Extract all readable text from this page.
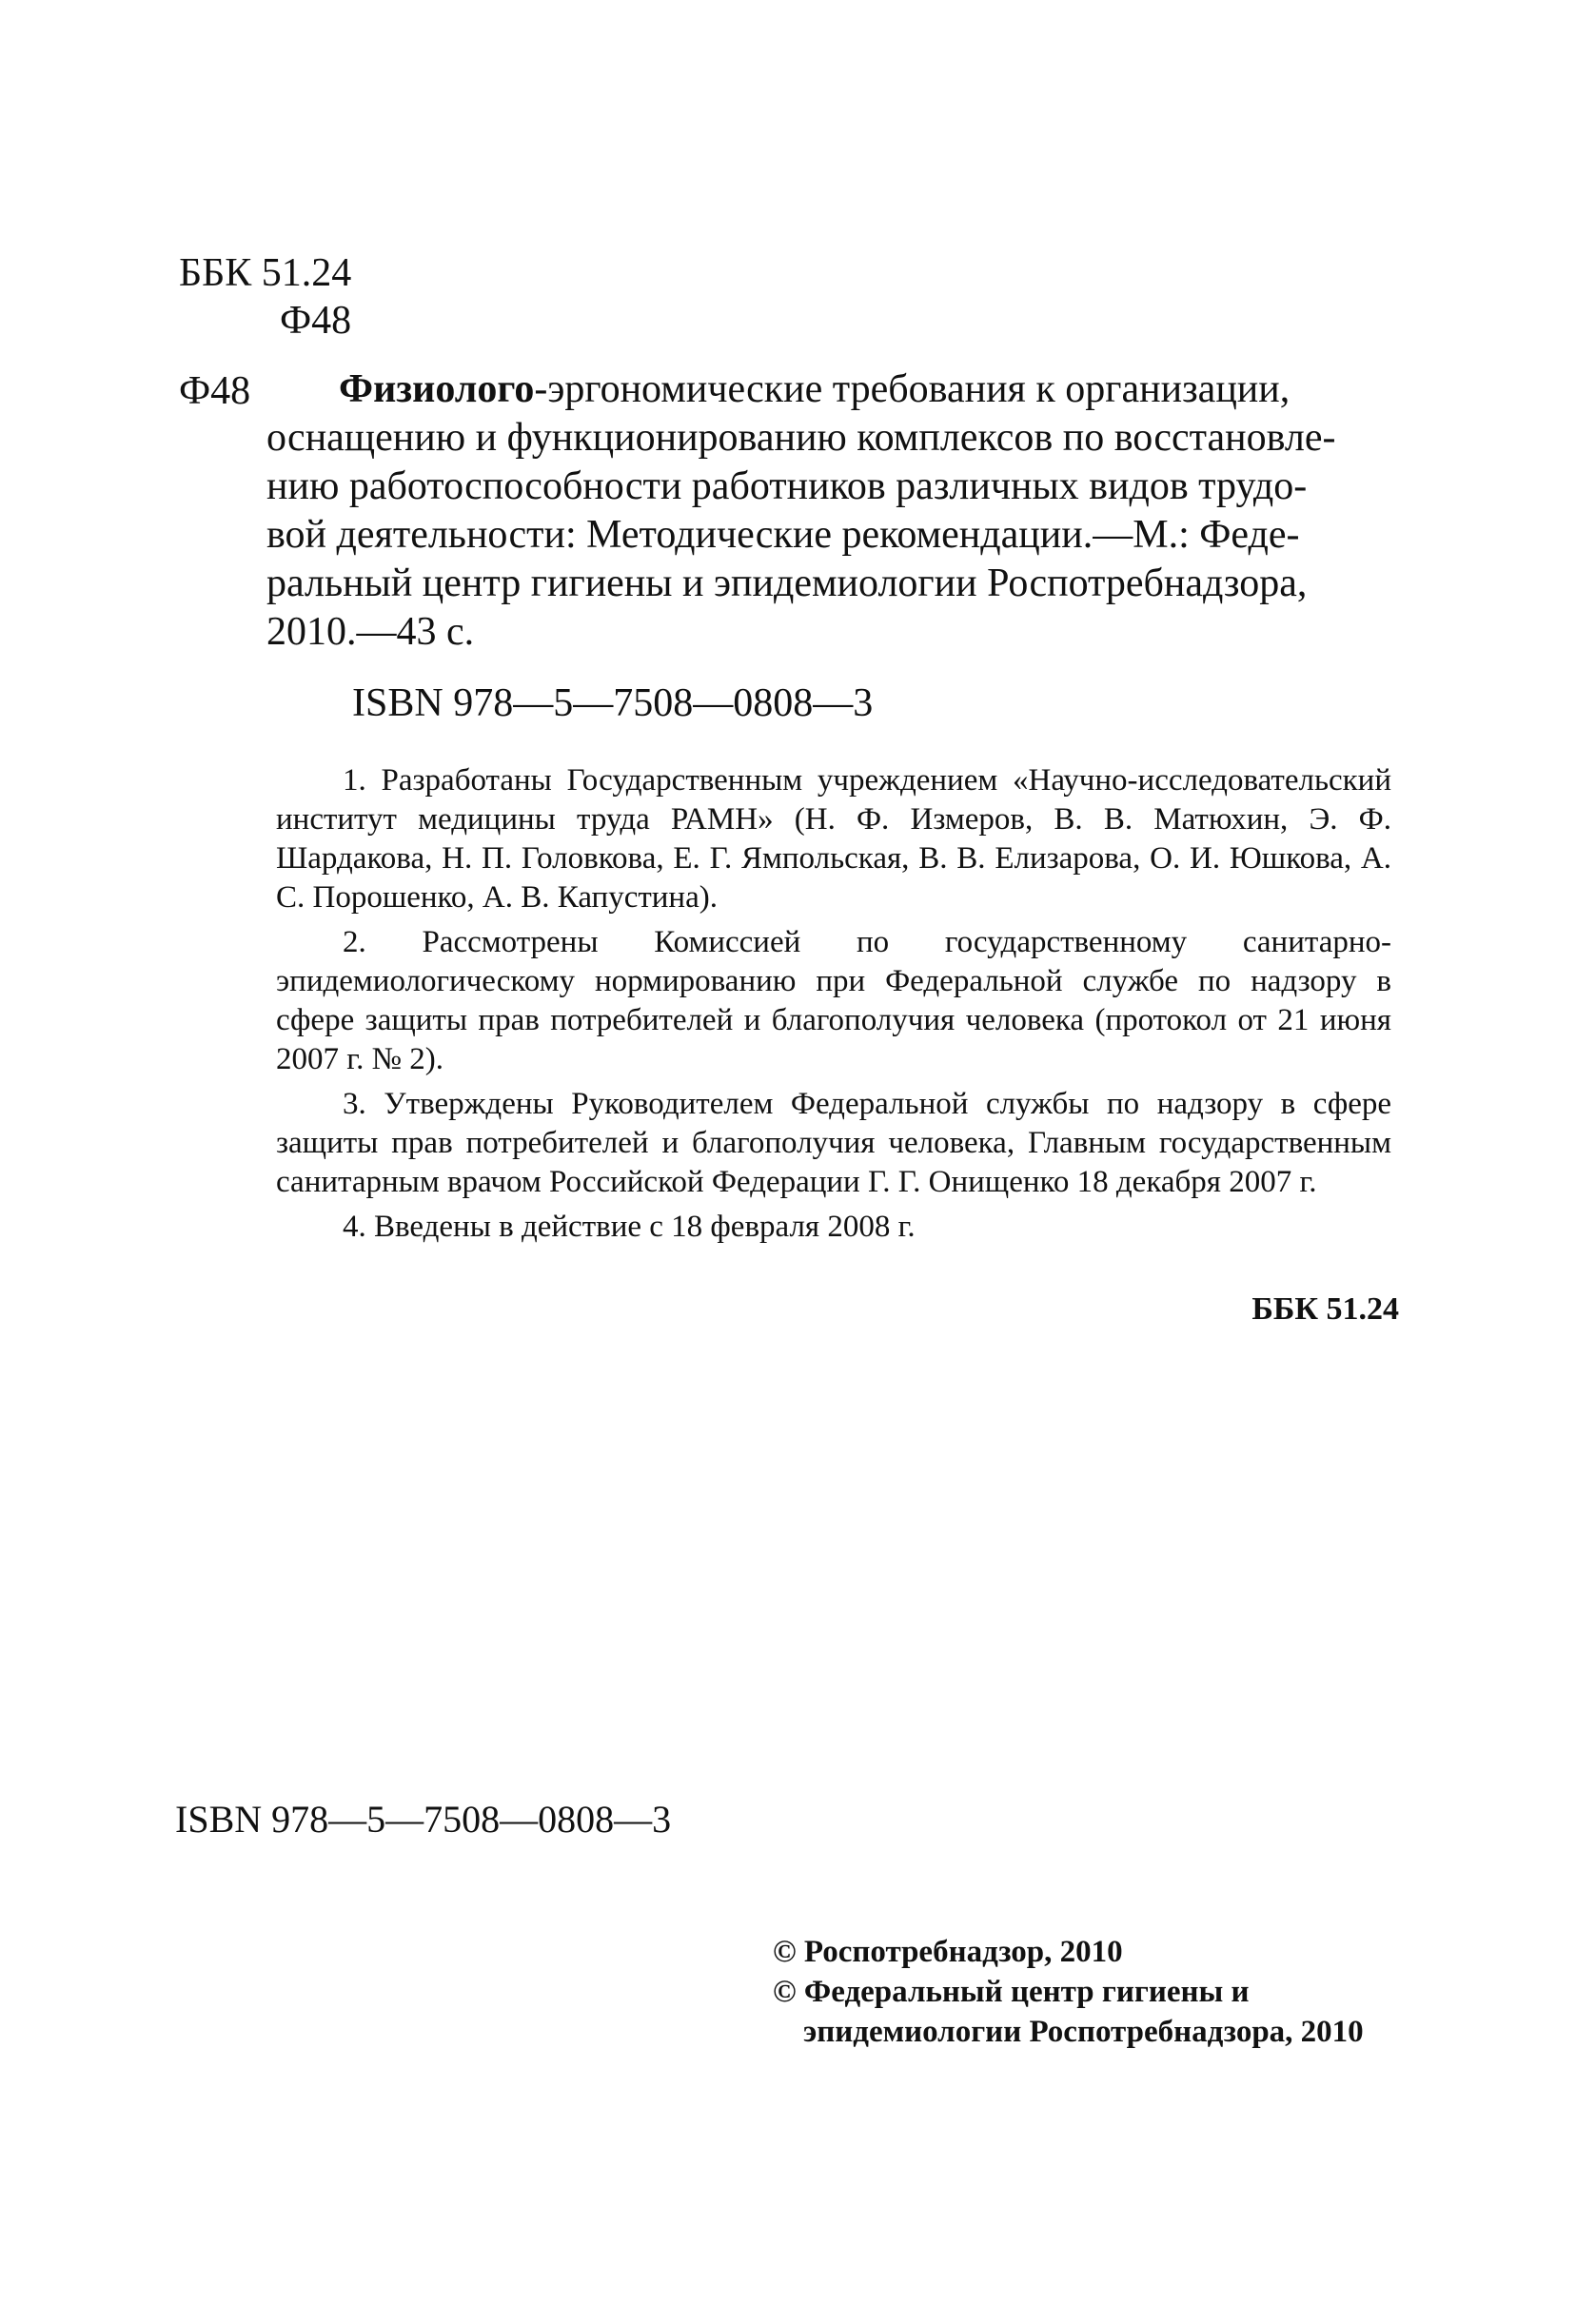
ББК 51.24
Ф48
Ф48 Физиолого-эргономические требования к организации,
оснащению и функционированию комплексов по восстановле-
нию работоспособности работников различных видов трудо-
вой деятельности: Методические рекомендации.—М.: Феде-
ральный центр гигиены и эпидемиологии Роспотребнадзора,
2010.—43 с.
ISBN 978—5—7508—0808—3

1. Разработаны Государственным учреждением «Научно-исследовательский институт медицины труда РАМН» (Н. Ф. Измеров, В. В. Матюхин, Э. Ф. Шардакова, Н. П. Головкова, Е. Г. Ямпольская, В. В. Елизарова, О. И. Юшкова, А. С. Порошенко, А. В. Капустина).

2. Рассмотрены Комиссией по государственному санитарно-эпидемиологическому нормированию при Федеральной службе по надзору в сфере защиты прав потребителей и благополучия человека (протокол от 21 июня 2007 г. № 2).

3. Утверждены Руководителем Федеральной службы по надзору в сфере защиты прав потребителей и благополучия человека, Главным государственным санитарным врачом Российской Федерации Г. Г. Онищенко 18 декабря 2007 г.

4. Введены в действие с 18 февраля 2008 г.

ББК 51.24
ISBN 978—5—7508—0808—3
© Роспотребнадзор, 2010
© Федеральный центр гигиены и
эпидемиологии Роспотребнадзора, 2010
